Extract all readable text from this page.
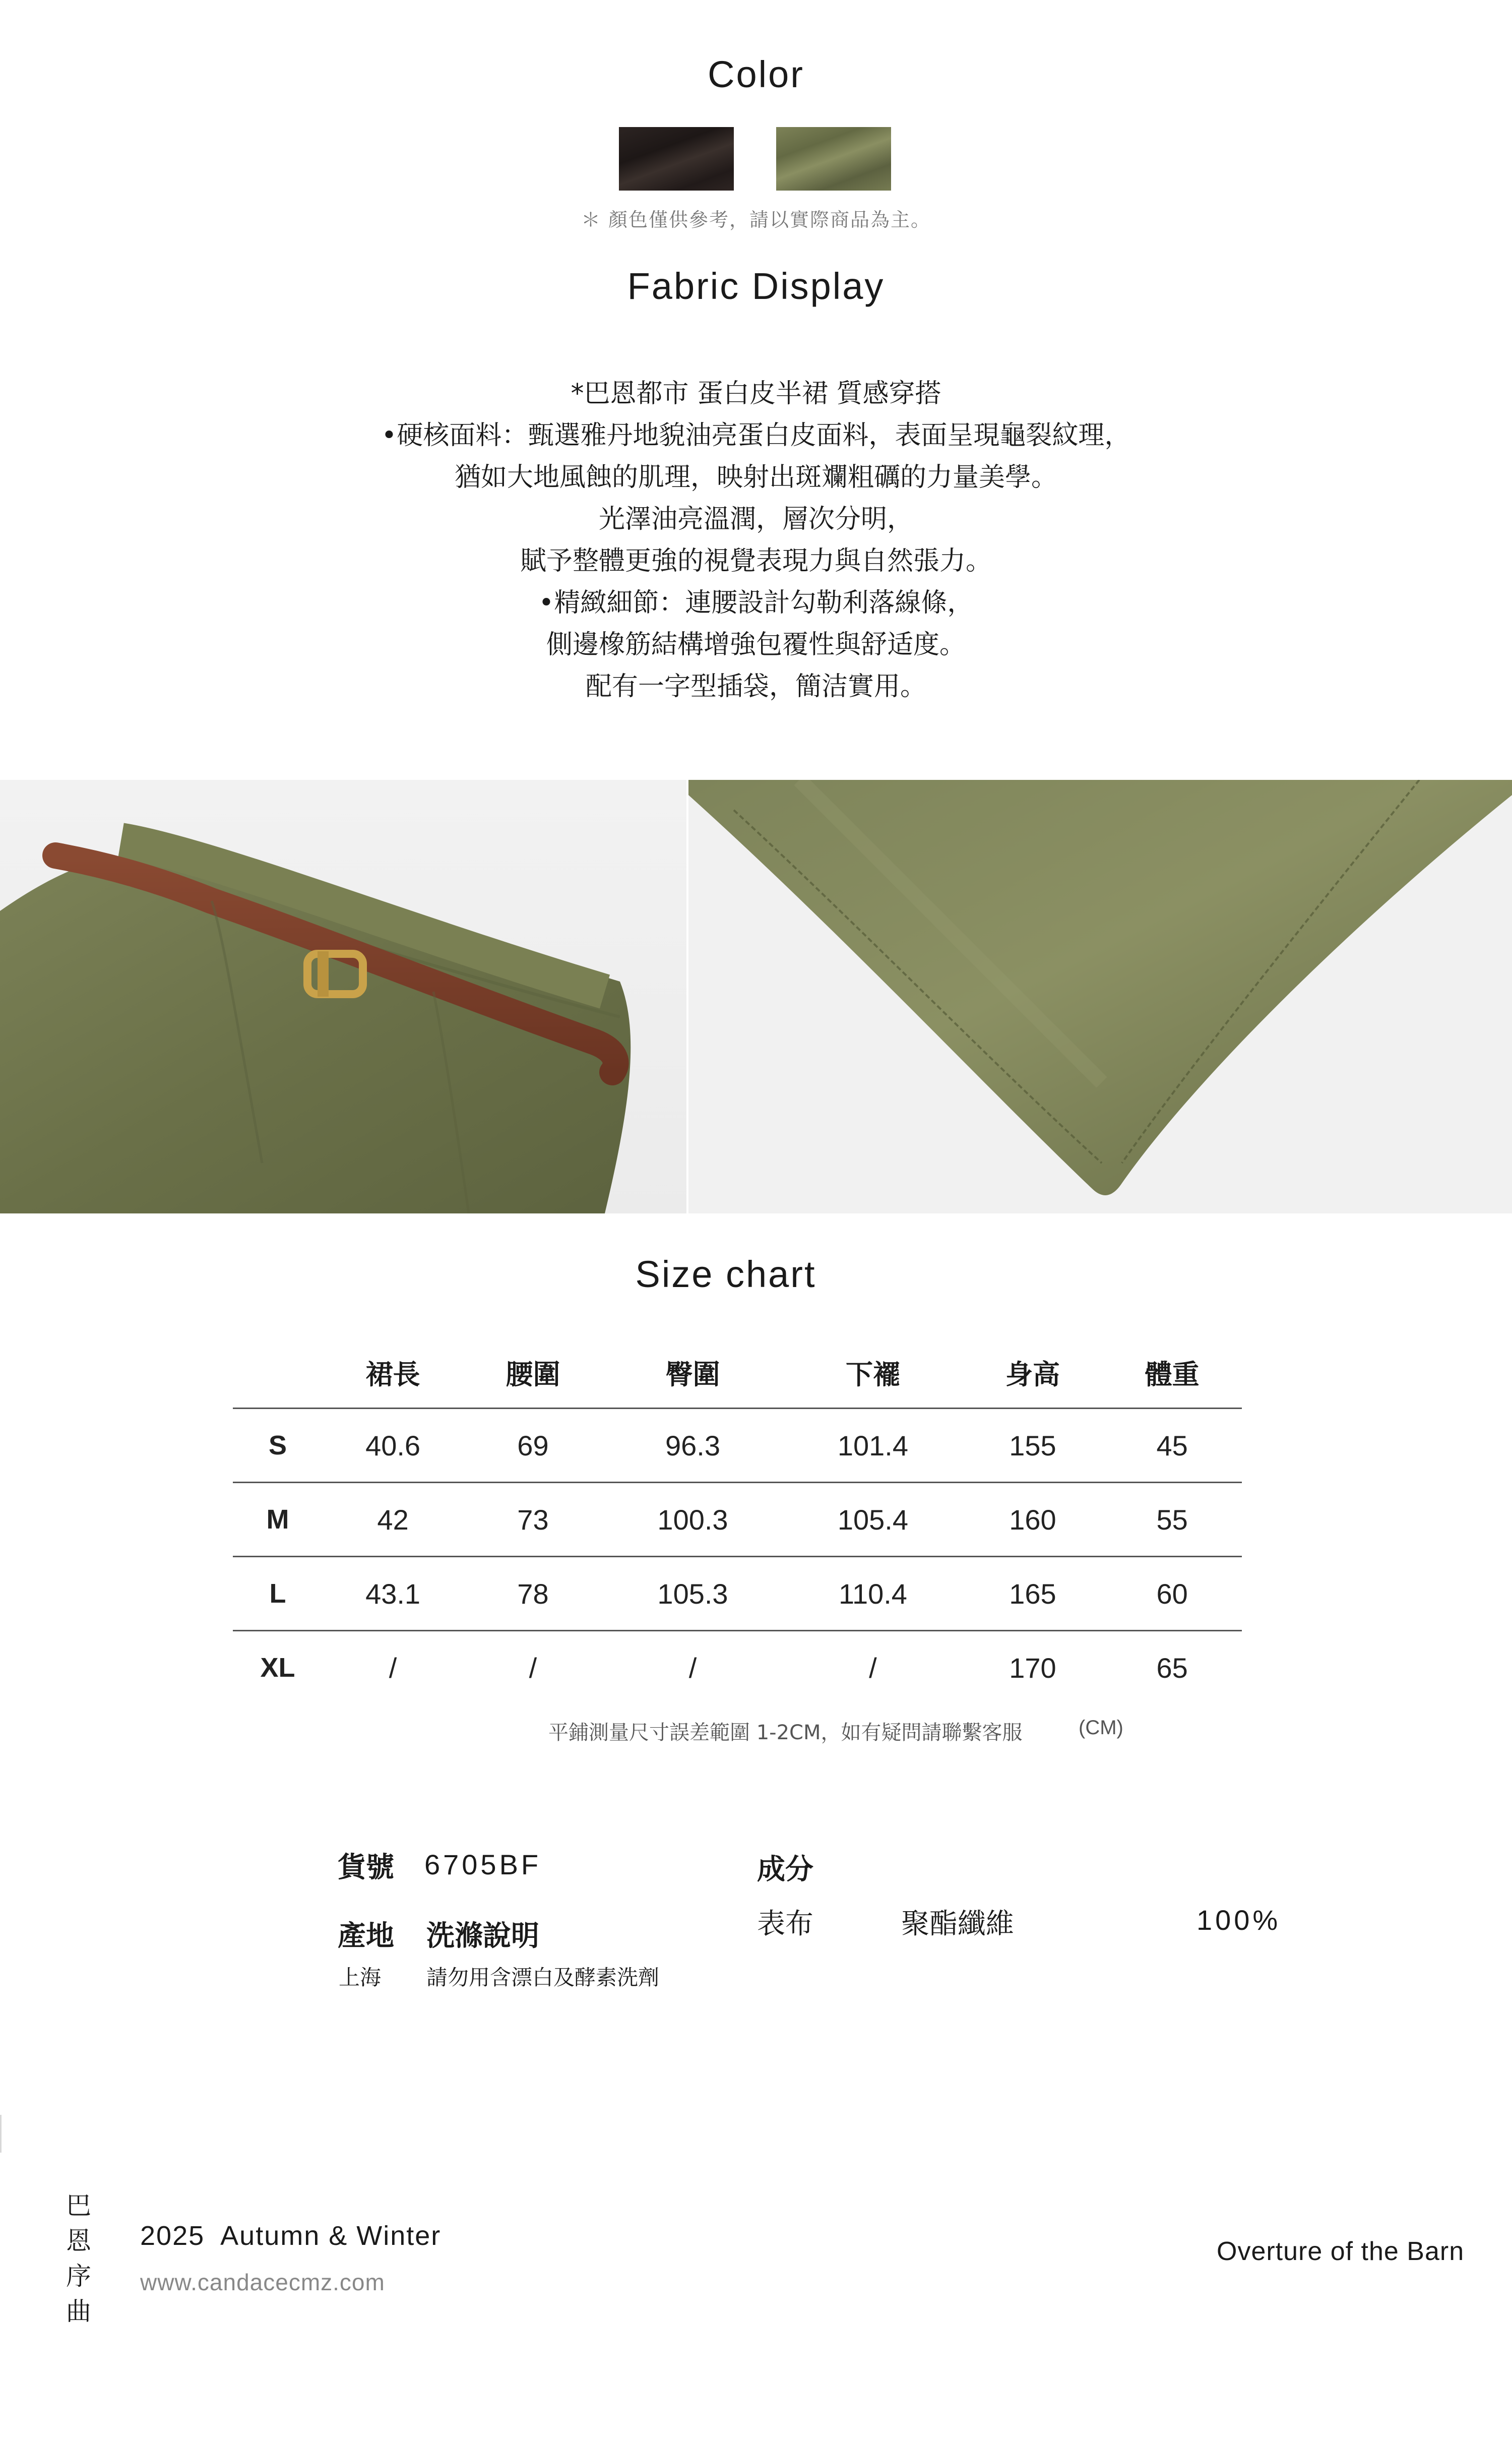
Color
＊ 顏色僅供參考，請以實際商品為主。
Fabric Display
*巴恩都市 蛋白皮半裙 質感穿搭
•硬核面料：甄選雅丹地貌油亮蛋白皮面料，表面呈現龜裂紋理，
猶如大地風蝕的肌理，映射出斑斕粗礪的力量美學。
光澤油亮溫潤，層次分明，
賦予整體更強的視覺表現力與自然張力。
•精緻細節：連腰設計勾勒利落線條，
側邊橡筋結構增強包覆性與舒适度。
配有一字型插袋，簡洁實用。
Size chart
	裙長	腰圍	臀圍	下襬	身高	體重
S	40.6	69	96.3	101.4	155	45
M	42	73	100.3	105.4	160	55
L	43.1	78	105.3	110.4	165	60
XL	/	/	/	/	170	65
平鋪測量尺寸誤差範圍 1-2CM，如有疑問請聯繫客服	(CM)
貨號 6705BF
產地 洗滌說明
上海 請勿用含漂白及酵素洗劑
成分
表布	聚酯纖維	100%
巴
恩
序
曲
2025  Autumn & Winter
www.candacecmz.com
Overture of the Barn
